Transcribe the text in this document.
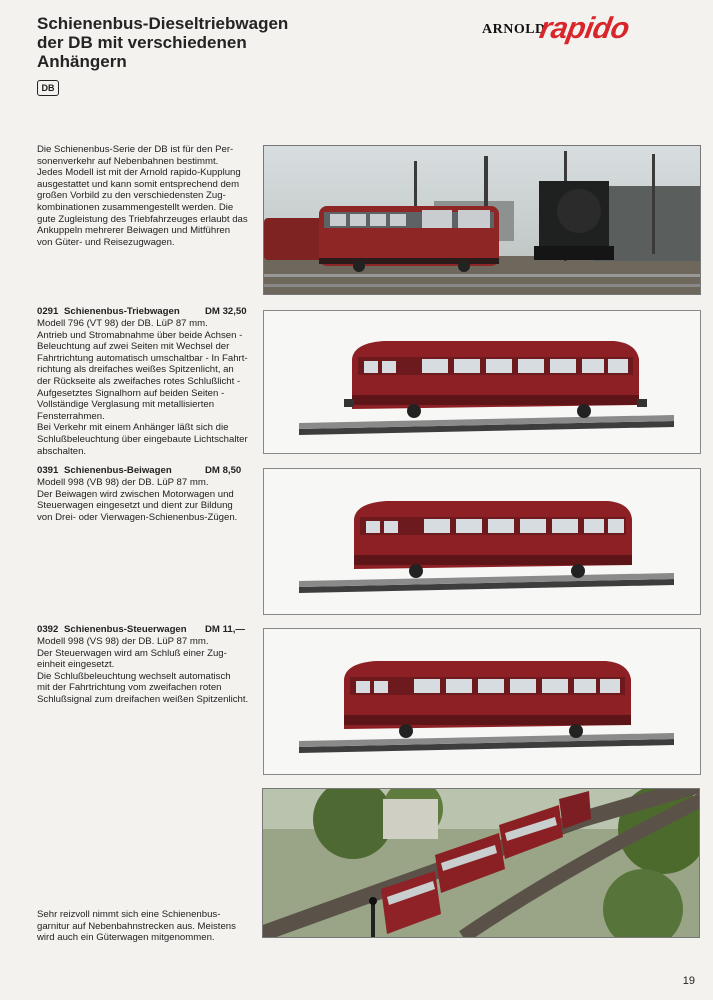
Schienenbus-Dieseltriebwagen
der DB mit verschiedenen
Anhängern
DB
ARNOLD
rapido
Die Schienenbus-Serie der DB ist für den Per-
sonenverkehr auf Nebenbahnen bestimmt.
Jedes Modell ist mit der Arnold rapido-Kupplung
ausgestattet und kann somit entsprechend dem
großen Vorbild zu den verschiedensten Zug-
kombinationen zusammengestellt werden. Die
gute Zugleistung des Triebfahrzeuges erlaubt das
Ankuppeln mehrerer Beiwagen und Mitführen
von Güter- und Reisezugwagen.
0291 Schienenbus-Triebwagen	DM 32,50
Modell 796 (VT 98) der DB. LüP 87 mm.
Antrieb und Stromabnahme über beide Achsen -
Beleuchtung auf zwei Seiten mit Wechsel der
Fahrtrichtung automatisch umschaltbar - In Fahrt-
richtung als dreifaches weißes Spitzenlicht, an
der Rückseite als zweifaches rotes Schlußlicht -
Aufgesetztes Signalhorn auf beiden Seiten -
Vollständige Verglasung mit metallisierten
Fensterrahmen.
Bei Verkehr mit einem Anhänger läßt sich die
Schlußbeleuchtung über eingebaute Lichtschalter
abschalten.
0391 Schienenbus-Beiwagen	DM 8,50
Modell 998 (VB 98) der DB. LüP 87 mm.
Der Beiwagen wird zwischen Motorwagen und
Steuerwagen eingesetzt und dient zur Bildung
von Drei- oder Vierwagen-Schienenbus-Zügen.
0392 Schienenbus-Steuerwagen DM 11,—
Modell 998 (VS 98) der DB. LüP 87 mm.
Der Steuerwagen wird am Schluß einer Zug-
einheit eingesetzt.
Die Schlußbeleuchtung wechselt automatisch
mit der Fahrtrichtung vom zweifachen roten
Schlußsignal zum dreifachen weißen Spitzenlicht.
Sehr reizvoll nimmt sich eine Schienenbus-
garnitur auf Nebenbahnstrecken aus. Meistens
wird auch ein Güterwagen mitgenommen.
19
